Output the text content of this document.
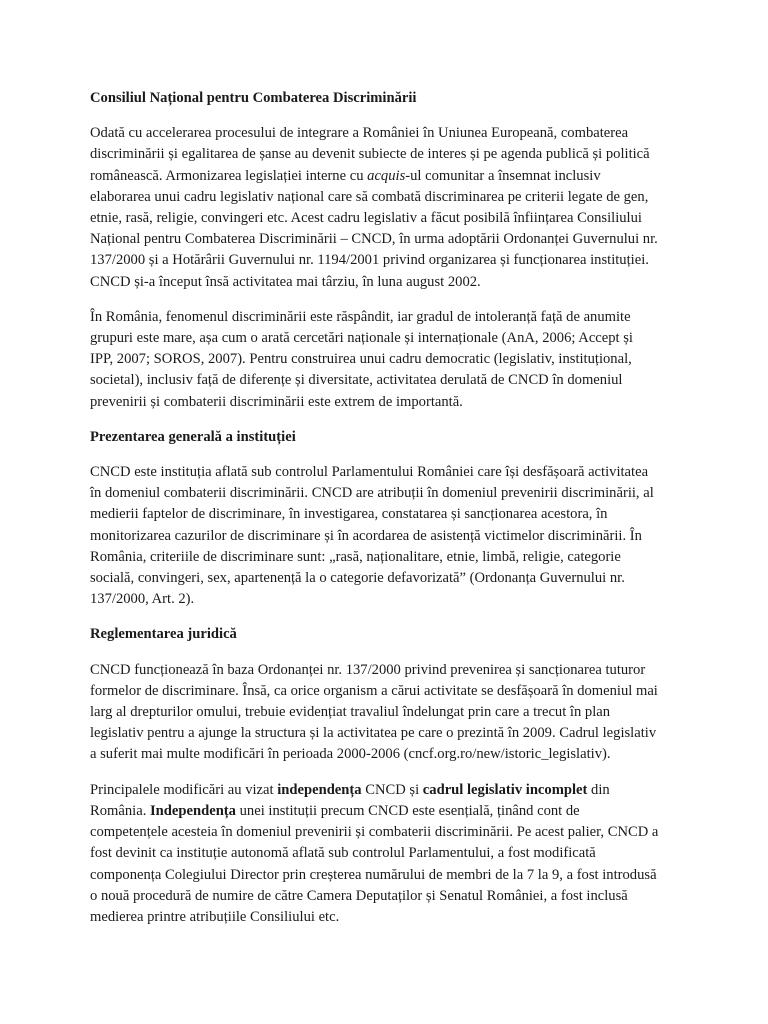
Consiliul Național pentru Combaterea Discriminării
Odată cu accelerarea procesului de integrare a României în Uniunea Europeană, combaterea
discriminării și egalitarea de șanse au devenit subiecte de interes și pe agenda publică și politică
românească. Armonizarea legislației interne cu acquis-ul comunitar a însemnat inclusiv
elaborarea unui cadru legislativ național care să combată discriminarea pe criterii legate de gen,
etnie, rasă, religie, convingeri etc. Acest cadru legislativ a făcut posibilă înființarea Consiliului
Național pentru Combaterea Discriminării – CNCD, în urma adoptării Ordonanței Guvernului nr.
137/2000 și a Hotărârii Guvernului nr. 1194/2001 privind organizarea și funcționarea instituției.
CNCD și-a început însă activitatea mai târziu, în luna august 2002.
În România, fenomenul discriminării este răspândit, iar gradul de intoleranță față de anumite
grupuri este mare, așa cum o arată cercetări naționale și internaționale (AnA, 2006; Accept și
IPP, 2007; SOROS, 2007). Pentru construirea unui cadru democratic (legislativ, instituțional,
societal), inclusiv față de diferențe și diversitate, activitatea derulată de CNCD în domeniul
prevenirii și combaterii discriminării este extrem de importantă.
Prezentarea generală a instituției
CNCD este instituția aflată sub controlul Parlamentului României care își desfășoară activitatea
în domeniul combaterii discriminării. CNCD are atribuții în domeniul prevenirii discriminării, al
medierii faptelor de discriminare, în investigarea, constatarea și sancționarea acestora, în
monitorizarea cazurilor de discriminare și în acordarea de asistență victimelor discriminării. În
România, criteriile de discriminare sunt: „rasă, naționalitare, etnie, limbă, religie, categorie
socială, convingeri, sex, apartenență la o categorie defavorizată” (Ordonanța Guvernului nr.
137/2000, Art. 2).
Reglementarea juridică
CNCD funcționează în baza Ordonanței nr. 137/2000 privind prevenirea și sancționarea tuturor
formelor de discriminare. Însă, ca orice organism a cărui activitate se desfășoară în domeniul mai
larg al drepturilor omului, trebuie evidențiat travaliul îndelungat prin care a trecut în plan
legislativ pentru a ajunge la structura și la activitatea pe care o prezintă în 2009. Cadrul legislativ
a suferit mai multe modificări în perioada 2000-2006 (cncf.org.ro/new/istoric_legislativ).
Principalele modificări au vizat independența CNCD și cadrul legislativ incomplet din
România. Independența unei instituții precum CNCD este esențială, ținând cont de
competențele acesteia în domeniul prevenirii și combaterii discriminării. Pe acest palier, CNCD a
fost devinit ca instituție autonomă aflată sub controlul Parlamentului, a fost modificată
componența Colegiului Director prin creșterea numărului de membri de la 7 la 9, a fost introdusă
o nouă procedură de numire de către Camera Deputaților și Senatul României, a fost inclusă
medierea printre atribuțiile Consiliului etc.
